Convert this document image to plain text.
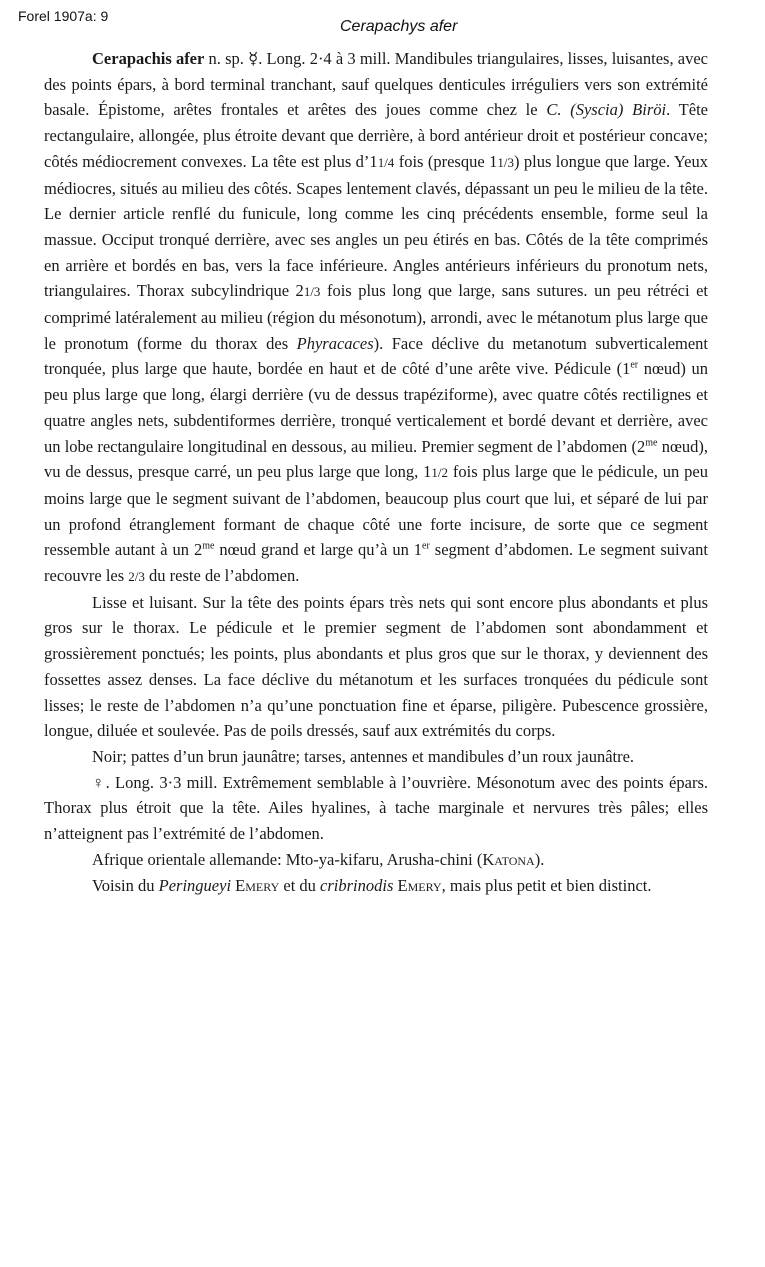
Forel 1907a: 9
Cerapachys afer

Cerapachis afer n. sp. ☿. Long. 2·4 à 3 mill. Mandibules triangulaires, lisses, luisantes, avec des points épars, à bord terminal tranchant, sauf quelques denticules irréguliers vers son extrémité basale. Épistome, arêtes frontales et arêtes des joues comme chez le C. (Syscia) Biröi. Tête rectangulaire, allongée, plus étroite devant que derrière, à bord antérieur droit et postérieur concave; côtés médiocrement convexes. La tête est plus d’11/4 fois (presque 11/3) plus longue que large. Yeux médiocres, situés au milieu des côtés. Scapes lentement clavés, dépassant un peu le milieu de la tête. Le dernier article renflé du funicule, long comme les cinq précédents ensemble, forme seul la massue. Occiput tronqué derrière, avec ses angles un peu étirés en bas. Côtés de la tête comprimés en arrière et bordés en bas, vers la face inférieure. Angles antérieurs inférieurs du pronotum nets, triangulaires. Thorax subcylindrique 21/3 fois plus long que large, sans sutures. un peu rétréci et comprimé latéralement au milieu (région du mésonotum), arrondi, avec le métanotum plus large que le pronotum (forme du thorax des Phyracaces). Face déclive du metanotum subverticalement tronquée, plus large que haute, bordée en haut et de côté d’une arête vive. Pédicule (1er nœud) un peu plus large que long, élargi derrière (vu de dessus trapéziforme), avec quatre côtés rectilignes et quatre angles nets, subdentiformes derrière, tronqué verticalement et bordé devant et derrière, avec un lobe rectangulaire longitudinal en dessous, au milieu. Premier segment de l’abdomen ($2^{me}$ nœud), vu de dessus, presque carré, un peu plus large que long, 11/2 fois plus large que le pédicule, un peu moins large que le segment suivant de l’abdomen, beaucoup plus court que lui, et séparé de lui par un profond étranglement formant de chaque côté une forte incisure, de sorte que ce segment ressemble autant à un $2^{me}$ nœud grand et large qu’à un 1er segment d’abdomen. Le segment suivant recouvre les 2/3 du reste de l’abdomen.

Lisse et luisant. Sur la tête des points épars très nets qui sont encore plus abondants et plus gros sur le thorax. Le pédicule et le premier segment de l’abdomen sont abondamment et grossièrement ponctués; les points, plus abondants et plus gros que sur le thorax, y deviennent des fossettes assez denses. La face déclive du métanotum et les surfaces tronquées du pédicule sont lisses; le reste de l’abdomen n’a qu’une ponctuation fine et éparse, piligère. Pubescence grossière, longue, diluée et soulevée. Pas de poils dressés, sauf aux extrémités du corps.

Noir; pattes d’un brun jaunâtre; tarses, antennes et mandibules d’un roux jaunâtre.

♀. Long. 3·3 mill. Extrêmement semblable à l’ouvrière. Mésonotum avec des points épars. Thorax plus étroit que la tête. Ailes hyalines, à tache marginale et nervures très pâles; elles n’atteignent pas l’extrémité de l’abdomen.

Afrique orientale allemande: Mto-ya-kifaru, Arusha-chini (Katona).

Voisin du Peringueyi Emery et du cribrinodis Emery, mais plus petit et bien distinct.
